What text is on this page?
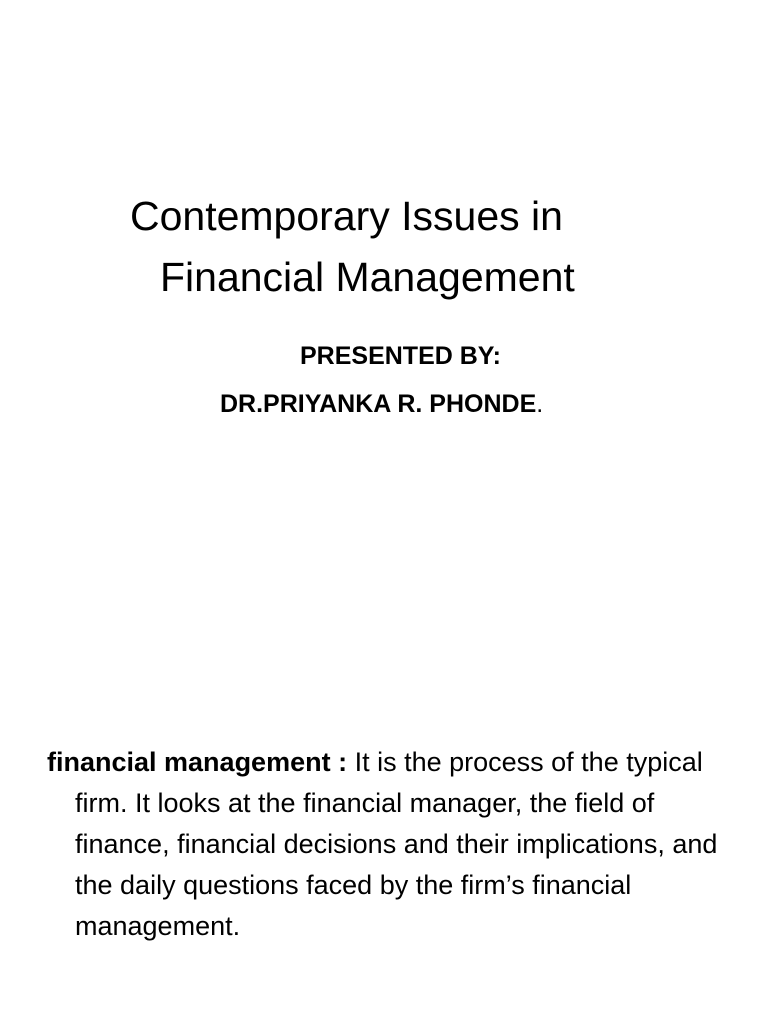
Contemporary Issues in
Financial Management
PRESENTED BY:
DR.PRIYANKA R. PHONDE.

financial management : It is the process of the typical firm. It looks at the financial manager, the field of finance, financial decisions and their implications, and the daily questions faced by the firm’s financial management.
